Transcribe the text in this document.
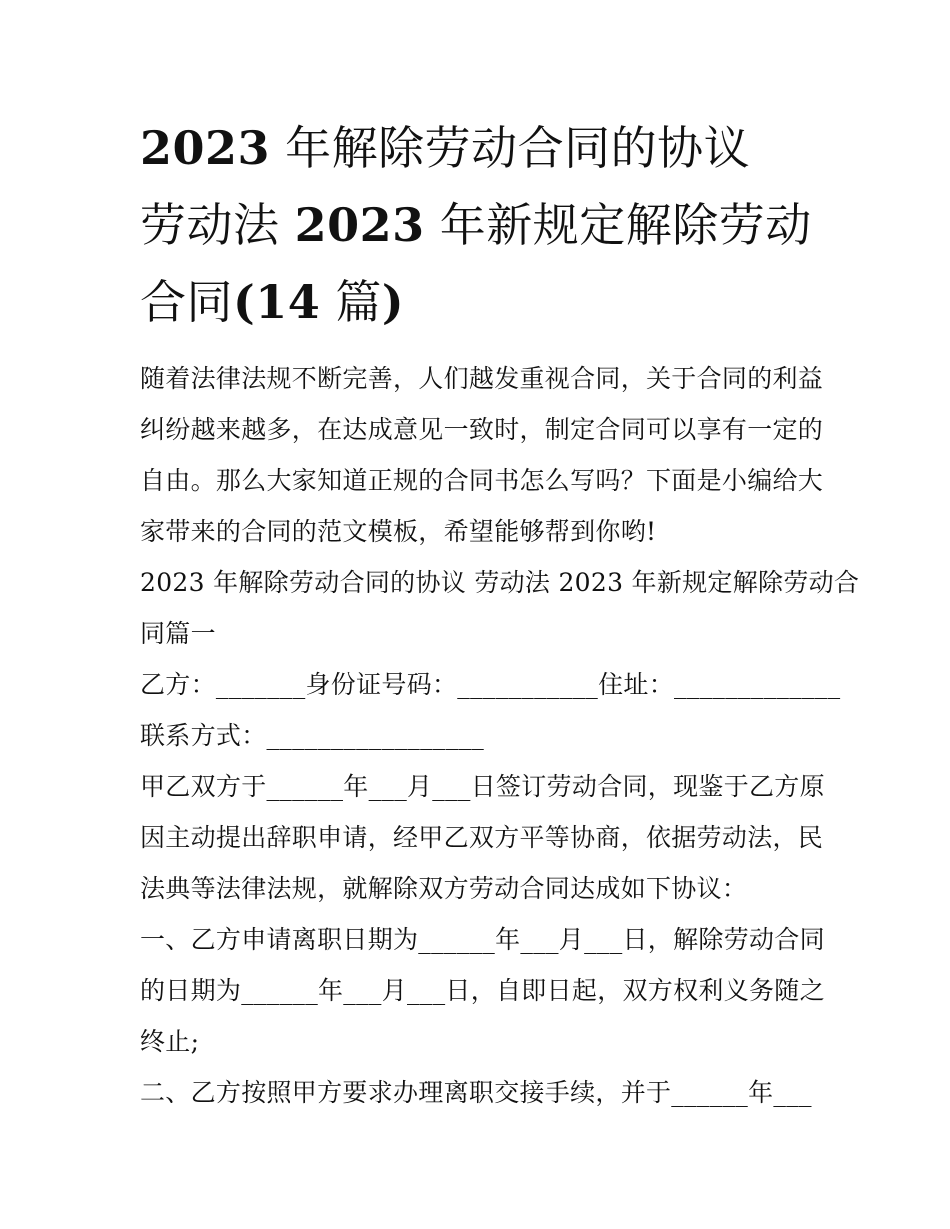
2023 年解除劳动合同的协议
劳动法 2023 年新规定解除劳动
合同(14 篇)

随着法律法规不断完善，人们越发重视合同，关于合同的利益
纠纷越来越多，在达成意见一致时，制定合同可以享有一定的
自由。那么大家知道正规的合同书怎么写吗？下面是小编给大
家带来的合同的范文模板，希望能够帮到你哟!

2023 年解除劳动合同的协议 劳动法 2023 年新规定解除劳动合
同篇一

乙方：_______身份证号码：___________住址：_____________
联系方式：_________________

甲乙双方于______年___月___日签订劳动合同，现鉴于乙方原
因主动提出辞职申请，经甲乙双方平等协商，依据劳动法，民
法典等法律法规，就解除双方劳动合同达成如下协议：

一、乙方申请离职日期为______年___月___日，解除劳动合同
的日期为______年___月___日，自即日起，双方权利义务随之
终止;

二、乙方按照甲方要求办理离职交接手续，并于______年___
